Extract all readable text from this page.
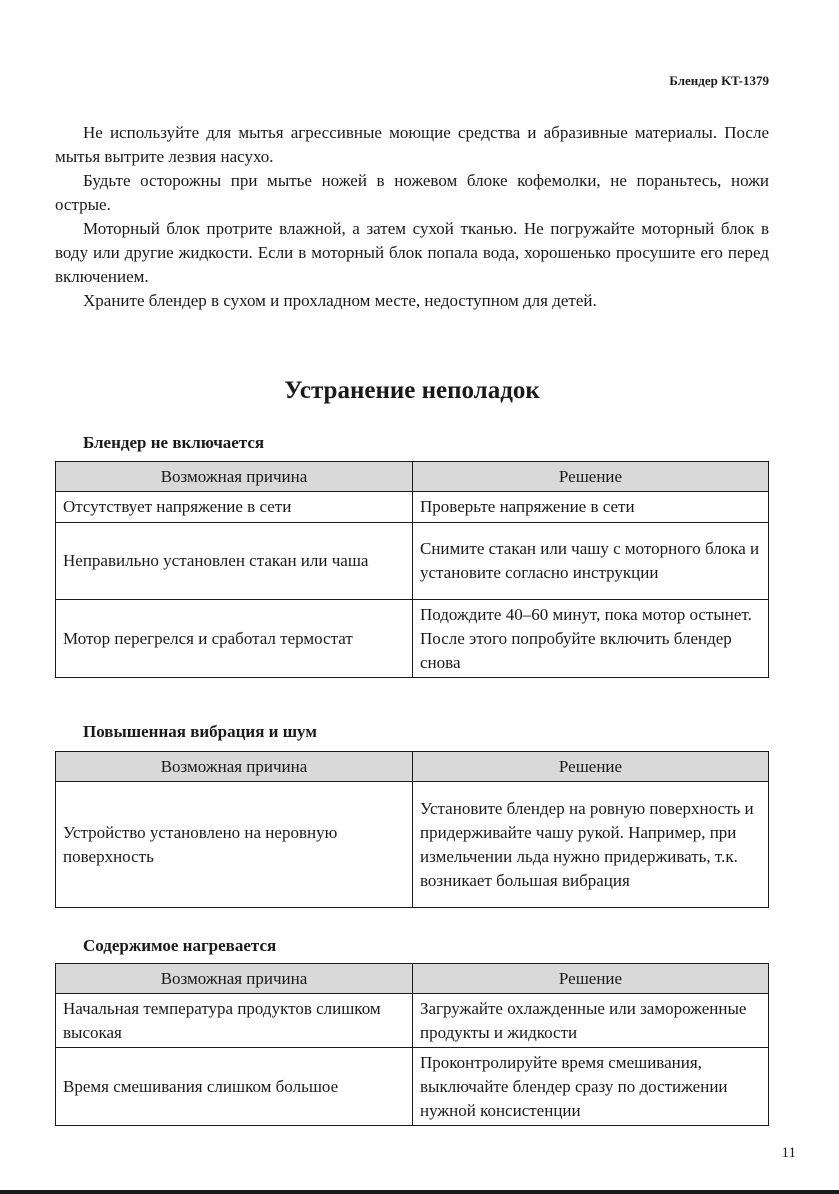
Блендер KT-1379

Не используйте для мытья агрессивные моющие средства и абразивные материалы. После мытья вытрите лезвия насухо.

Будьте осторожны при мытье ножей в ножевом блоке кофемолки, не пораньтесь, ножи острые.

Моторный блок протрите влажной, а затем сухой тканью. Не погружайте моторный блок в воду или другие жидкости. Если в моторный блок попала вода, хорошенько просушите его перед включением.

Храните блендер в сухом и прохладном месте, недоступном для детей.

Устранение неполадок
Блендер не включается
Возможная причина	Решение
Отсутствует напряжение в сети	Проверьте напряжение в сети
Неправильно установлен стакан или чаша	Снимите стакан или чашу с моторного блока и установите согласно инструкции
Мотор перегрелся и сработал термостат	Подождите 40–60 минут, пока мотор остынет. После этого попробуйте включить блендер снова
Повышенная вибрация и шум
Возможная причина	Решение
Устройство установлено на неровную поверхность	Установите блендер на ровную поверхность и придерживайте чашу рукой. Например, при измельчении льда нужно придерживать, т.к. возникает большая вибрация
Содержимое нагревается
Возможная причина	Решение
Начальная температура продуктов слишком высокая	Загружайте охлажденные или замороженные продукты и жидкости
Время смешивания слишком большое	Проконтролируйте время смешивания, выключайте блендер сразу по достижении нужной консистенции
11
